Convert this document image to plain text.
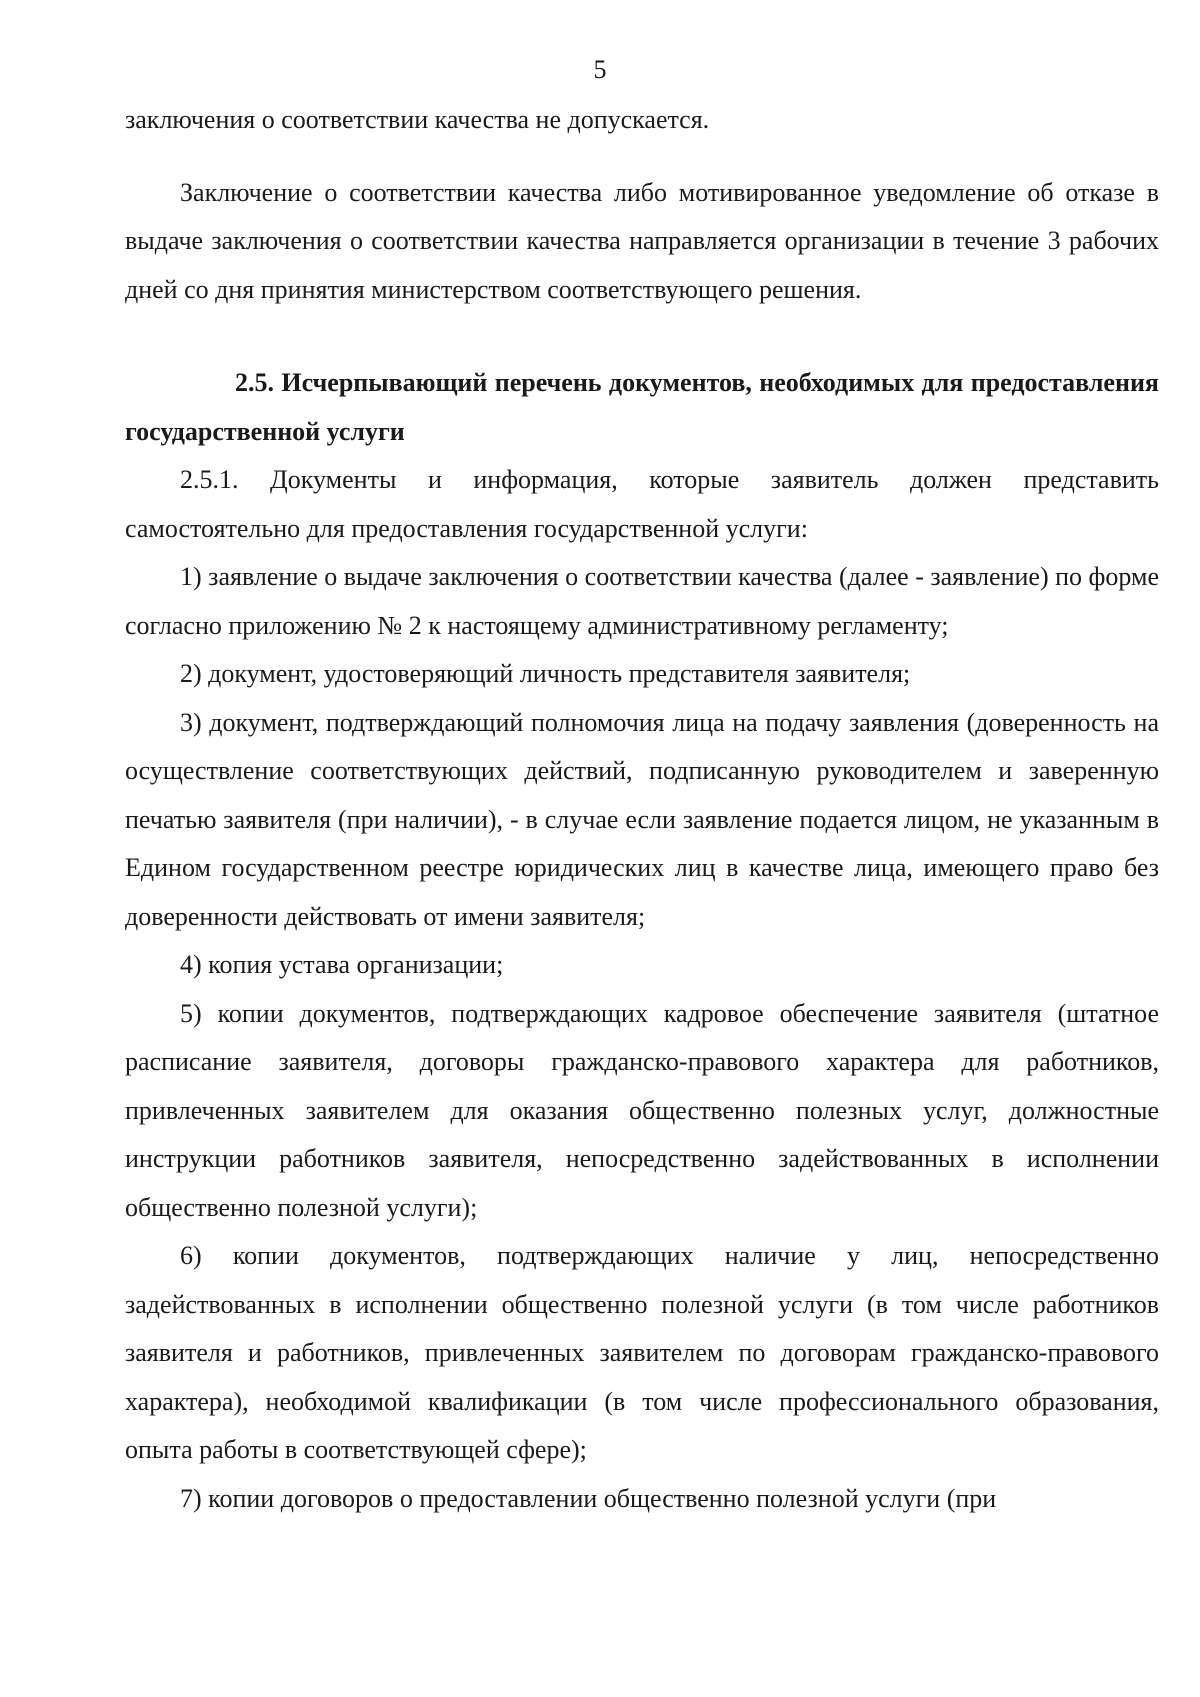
5

заключения о соответствии качества не допускается.

Заключение о соответствии качества либо мотивированное уведомление об отказе в выдаче заключения о соответствии качества направляется организации в течение 3 рабочих дней со дня принятия министерством соответствующего решения.

2.5. Исчерпывающий перечень документов, необходимых для предоставления государственной услуги

2.5.1. Документы и информация, которые заявитель должен представить самостоятельно для предоставления государственной услуги:

1) заявление о выдаче заключения о соответствии качества (далее - заявление) по форме согласно приложению № 2 к настоящему административному регламенту;

2) документ, удостоверяющий личность представителя заявителя;

3) документ, подтверждающий полномочия лица на подачу заявления (доверенность на осуществление соответствующих действий, подписанную руководителем и заверенную печатью заявителя (при наличии), - в случае если заявление подается лицом, не указанным в Едином государственном реестре юридических лиц в качестве лица, имеющего право без доверенности действовать от имени заявителя;

4) копия устава организации;

5) копии документов, подтверждающих кадровое обеспечение заявителя (штатное расписание заявителя, договоры гражданско-правового характера для работников, привлеченных заявителем для оказания общественно полезных услуг, должностные инструкции работников заявителя, непосредственно задействованных в исполнении общественно полезной услуги);

6) копии документов, подтверждающих наличие у лиц, непосредственно задействованных в исполнении общественно полезной услуги (в том числе работников заявителя и работников, привлеченных заявителем по договорам гражданско-правового характера), необходимой квалификации (в том числе профессионального образования, опыта работы в соответствующей сфере);

7) копии договоров о предоставлении общественно полезной услуги (при
